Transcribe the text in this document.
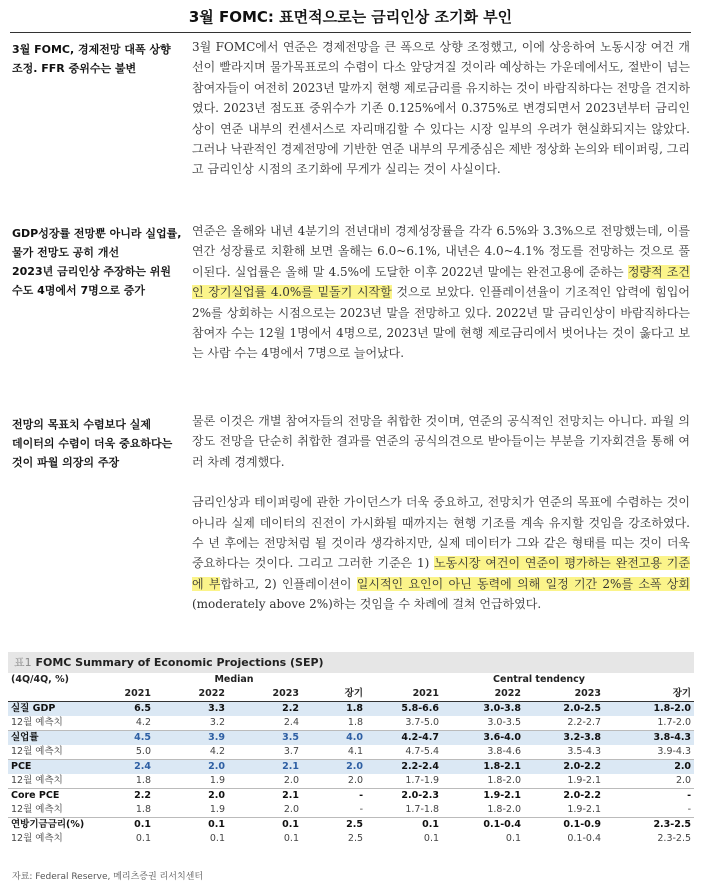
3월 FOMC: 표면적으로는 금리인상 조기화 부인
3월 FOMC, 경제전망 대폭 상향
조정. FFR 중위수는 불변
3월 FOMC에서 연준은 경제전망을 큰 폭으로 상향 조정했고, 이에 상응하여 노동시장 여건 개선이 빨라지며 물가목표로의 수렴이 다소 앞당겨질 것이라 예상하는 가운데에서도, 절반이 넘는 참여자들이 여전히 2023년 말까지 현행 제로금리를 유지하는 것이 바람직하다는 전망을 견지하였다. 2023년 점도표 중위수가 기존 0.125%에서 0.375%로 변경되면서 2023년부터 금리인상이 연준 내부의 컨센서스로 자리매김할 수 있다는 시장 일부의 우려가 현실화되지는 않았다. 그러나 낙관적인 경제전망에 기반한 연준 내부의 무게중심은 제반 정상화 논의와 테이퍼링, 그리고 금리인상 시점의 조기화에 무게가 실리는 것이 사실이다.
GDP성장률 전망뿐 아니라 실업률,
물가 전망도 공히 개선
2023년 금리인상 주장하는 위원
수도 4명에서 7명으로 증가
연준은 올해와 내년 4분기의 전년대비 경제성장률을 각각 6.5%와 3.3%으로 전망했는데, 이를 연간 성장률로 치환해 보면 올해는 6.0~6.1%, 내년은 4.0~4.1% 정도를 전망하는 것으로 풀이된다. 실업률은 올해 말 4.5%에 도달한 이후 2022년 말에는 완전고용에 준하는 정량적 조건인 장기실업률 4.0%를 밑돌기 시작할 것으로 보았다. 인플레이션율이 기조적인 압력에 힘입어 2%를 상회하는 시점으로는 2023년 말을 전망하고 있다. 2022년 말 금리인상이 바람직하다는 참여자 수는 12월 1명에서 4명으로, 2023년 말에 현행 제로금리에서 벗어나는 것이 옳다고 보는 사람 수는 4명에서 7명으로 늘어났다.
전망의 목표치 수렴보다 실제
데이터의 수렴이 더욱 중요하다는
것이 파월 의장의 주장
물론 이것은 개별 참여자들의 전망을 취합한 것이며, 연준의 공식적인 전망치는 아니다. 파월 의장도 전망을 단순히 취합한 결과를 연준의 공식의견으로 받아들이는 부분을 기자회견을 통해 여러 차례 경계했다.
금리인상과 테이퍼링에 관한 가이던스가 더욱 중요하고, 전망치가 연준의 목표에 수렴하는 것이 아니라 실제 데이터의 진전이 가시화될 때까지는 현행 기조를 계속 유지할 것임을 강조하였다. 수 년 후에는 전망처럼 될 것이라 생각하지만, 실제 데이터가 그와 같은 형태를 띠는 것이 더욱 중요하다는 것이다. 그리고 그러한 기준은 1) 노동시장 여건이 연준이 평가하는 완전고용 기준에 부합하고, 2) 인플레이션이 일시적인 요인이 아닌 동력에 의해 일정 기간 2%를 소폭 상회(moderately above 2%)하는 것임을 수 차례에 걸쳐 언급하였다.
표1 FOMC Summary of Economic Projections (SEP)
(4Q/4Q, %)	Median					Central tendency			
	2021	2022	2023	장기		2021	2022	2023	장기
실질 GDP	6.5	3.3	2.2	1.8		5.8-6.6	3.0-3.8	2.0-2.5	1.8-2.0
12월 예측치	4.2	3.2	2.4	1.8		3.7-5.0	3.0-3.5	2.2-2.7	1.7-2.0
실업률	4.5	3.9	3.5	4.0		4.2-4.7	3.6-4.0	3.2-3.8	3.8-4.3
12월 예측치	5.0	4.2	3.7	4.1		4.7-5.4	3.8-4.6	3.5-4.3	3.9-4.3
PCE	2.4	2.0	2.1	2.0		2.2-2.4	1.8-2.1	2.0-2.2	2.0
12월 예측치	1.8	1.9	2.0	2.0		1.7-1.9	1.8-2.0	1.9-2.1	2.0
Core PCE	2.2	2.0	2.1	-		2.0-2.3	1.9-2.1	2.0-2.2	-
12월 예측치	1.8	1.9	2.0	-		1.7-1.8	1.8-2.0	1.9-2.1	-
연방기금금리(%)	0.1	0.1	0.1	2.5		0.1	0.1-0.4	0.1-0.9	2.3-2.5
12월 예측치	0.1	0.1	0.1	2.5		0.1	0.1	0.1-0.4	2.3-2.5
자료: Federal Reserve, 메리츠증권 리서치센터
